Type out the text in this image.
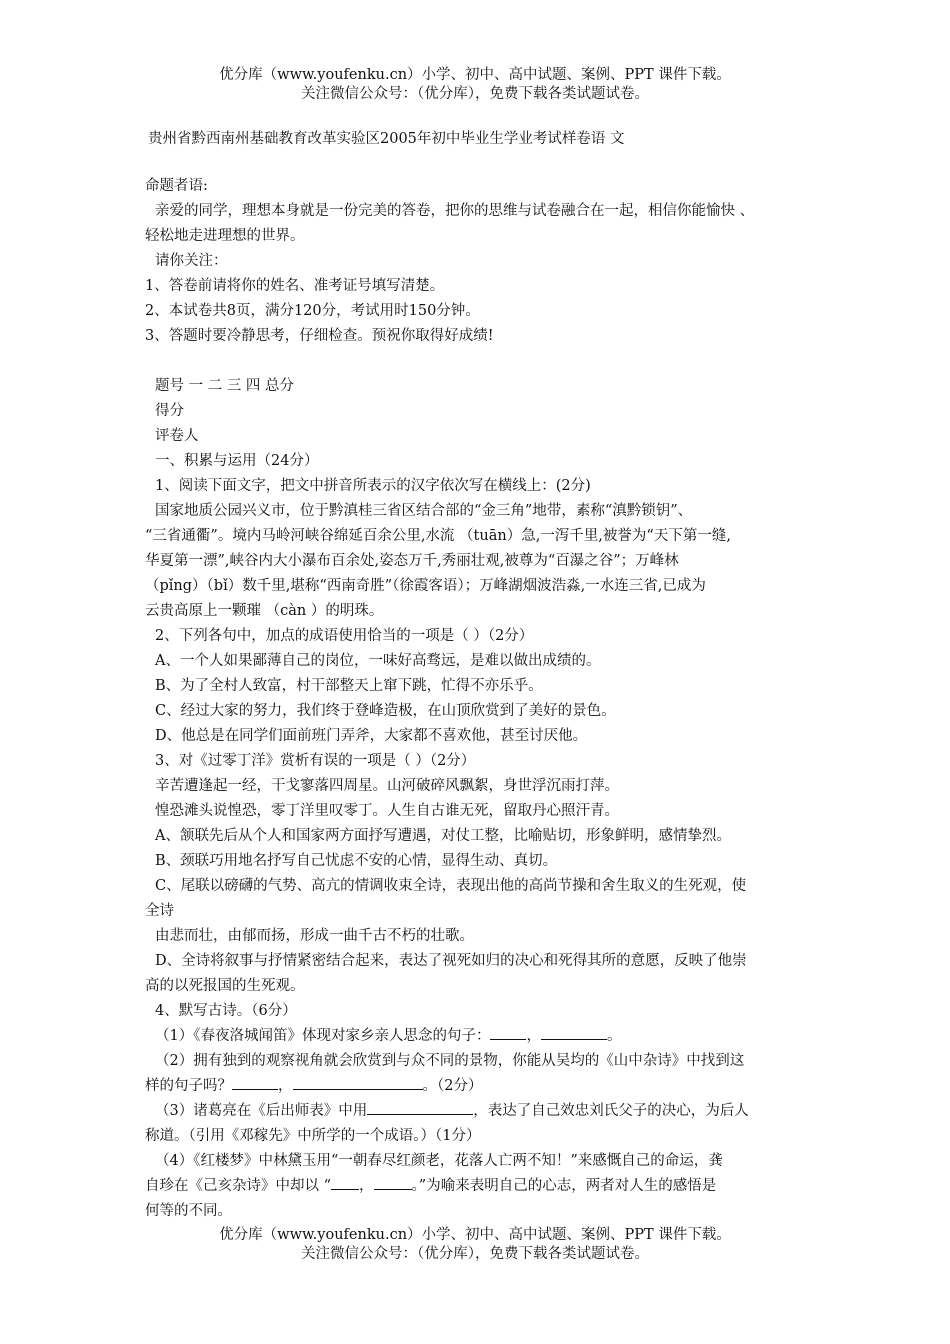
优分库（www.youfenku.cn）小学、初中、高中试题、案例、PPT 课件下载。
关注微信公众号：（优分库），免费下载各类试题试卷。
贵州省黔西南州基础教育改革实验区2005年初中毕业生学业考试样卷语 文

命题者语:

亲爱的同学，理想本身就是一份完美的答卷，把你的思维与试卷融合在一起，相信你能愉快 、

轻松地走进理想的世界。

请你关注：

1、答卷前请将你的姓名、准考证号填写清楚。

2、本试卷共8页，满分120分，考试用时150分钟。

3、答题时要冷静思考，仔细检查。预祝你取得好成绩!

题号 一 二 三 四 总分

得分

评卷人

一、积累与运用（24分）

1、阅读下面文字，把文中拼音所表示的汉字依次写在横线上：(2分)

国家地质公园兴义市，位于黔滇桂三省区结合部的“金三角”地带，素称“滇黔锁钥”、

“三省通衢”。境内马岭河峡谷绵延百余公里,水流 （tuān）急,一泻千里,被誉为“天下第一缝,

华夏第一漂”,峡谷内大小瀑布百余处,姿态万千,秀丽壮观,被尊为“百瀑之谷”；万峰林

（pǐng）（bǐ）数千里,堪称“西南奇胜”（徐霞客语）；万峰湖烟波浩淼,一水连三省,已成为

云贵高原上一颗璀 （càn ）的明珠。

2、下列各句中，加点的成语使用恰当的一项是（ ）（2分）

A、一个人如果鄙薄自己的岗位，一味好高骛远，是难以做出成绩的。

B、为了全村人致富，村干部整天上窜下跳，忙得不亦乐乎。

C、经过大家的努力，我们终于登峰造极，在山顶欣赏到了美好的景色。

D、他总是在同学们面前班门弄斧，大家都不喜欢他，甚至讨厌他。

3、对《过零丁洋》赏析有误的一项是（ ）（2分）

辛苦遭逢起一经，干戈寥落四周星。山河破碎风飘絮，身世浮沉雨打萍。

惶恐滩头说惶恐，零丁洋里叹零丁。人生自古谁无死，留取丹心照汗青。

A、颔联先后从个人和国家两方面抒写遭遇，对仗工整，比喻贴切，形象鲜明，感情挚烈。

B、颈联巧用地名抒写自己忧虑不安的心情，显得生动、真切。

C、尾联以磅礴的气势、高亢的情调收束全诗，表现出他的高尚节操和舍生取义的生死观，使

全诗

由悲而壮，由郁而扬，形成一曲千古不朽的壮歌。

D、全诗将叙事与抒情紧密结合起来，表达了视死如归的决心和死得其所的意愿，反映了他崇

高的以死报国的生死观。

4、默写古诗。（6分）

（1）《春夜洛城闻笛》体现对家乡亲人思念的句子： ，	。

（2）拥有独到的观察视角就会欣赏到与众不同的景物，你能从吴均的《山中杂诗》中找到这

样的句子吗？	，	。（2分）

（3）诸葛亮在《后出师表》中用	，表达了自己效忠刘氏父子的决心，为后人

称道。（引用《邓稼先》中所学的一个成语。）（1分）

（4）《红楼梦》中林黛玉用“一朝春尽红颜老，花落人亡两不知！”来感慨自己的命运，龚

自珍在《己亥杂诗》中却以 “ ，	。”为喻来表明自己的心志，两者对人生的感悟是

何等的不同。

优分库（www.youfenku.cn）小学、初中、高中试题、案例、PPT 课件下载。
关注微信公众号：（优分库），免费下载各类试题试卷。
